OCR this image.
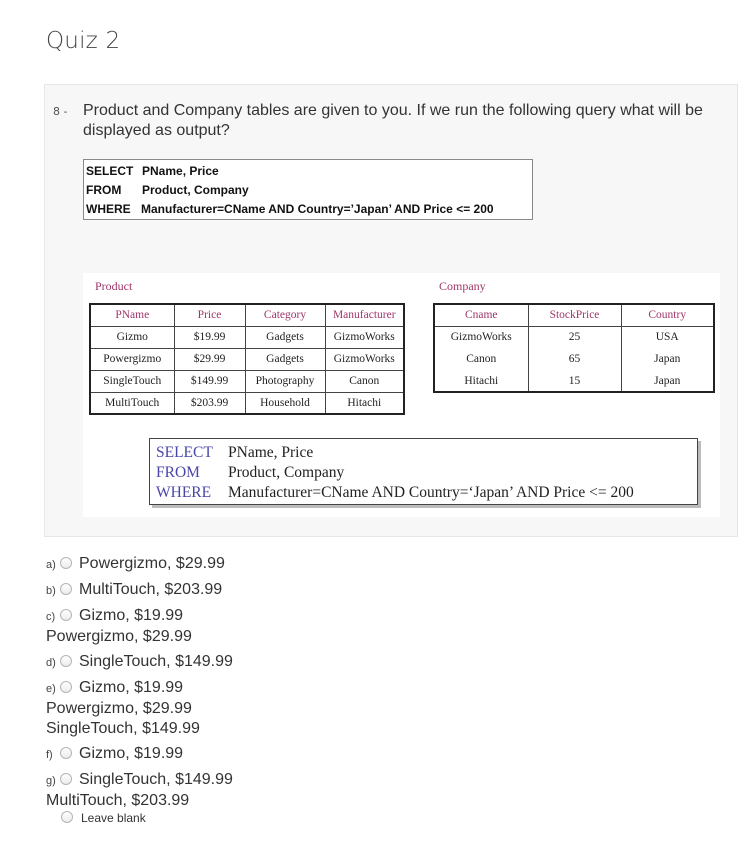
Quiz 2
8 - Product and Company tables are given to you. If we run the following query what will be displayed as output?
SELECT PName, Price
FROM Product, Company
WHERE Manufacturer=CName AND Country=’Japan’ AND Price <= 200
Product	Company
PName	Price	Category	Manufacturer
Gizmo	$19.99	Gadgets	GizmoWorks
Powergizmo	$29.99	Gadgets	GizmoWorks
SingleTouch	$149.99	Photography	Canon
MultiTouch	$203.99	Household	Hitachi
Cname	StockPrice	Country
GizmoWorks	25	USA
Canon	65	Japan
Hitachi	15	Japan
SELECT PName, Price
FROM Product, Company
WHERE Manufacturer=CName AND Country=‘Japan’ AND Price <= 200
a) Powergizmo, $29.99
b) MultiTouch, $203.99
c) Gizmo, $19.99
Powergizmo, $29.99
d) SingleTouch, $149.99
e) Gizmo, $19.99
Powergizmo, $29.99
SingleTouch, $149.99
f) Gizmo, $19.99
g) SingleTouch, $149.99
MultiTouch, $203.99
Leave blank
